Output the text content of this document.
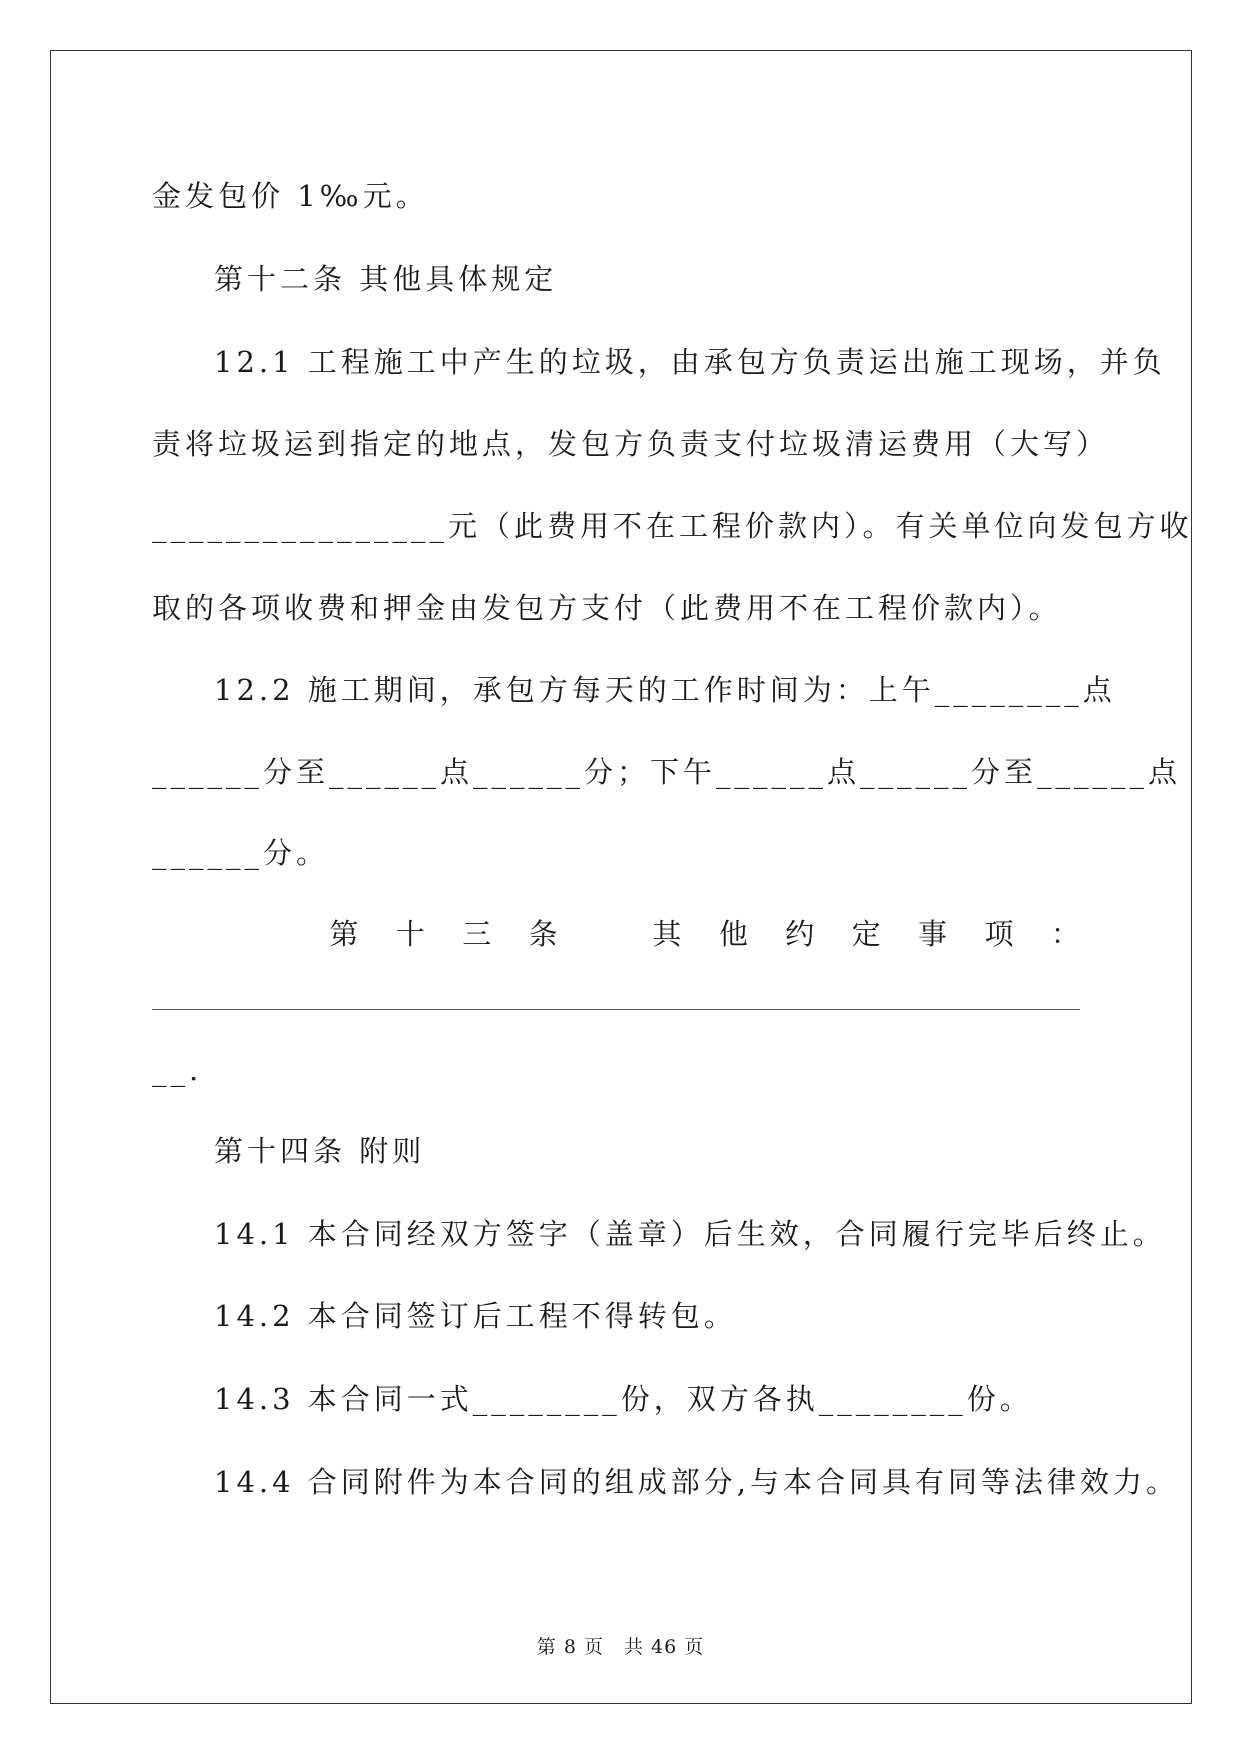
金发包价 1‰元。
第十二条 其他具体规定
12.1 工程施工中产生的垃圾，由承包方负责运出施工现场，并负
责将垃圾运到指定的地点，发包方负责支付垃圾清运费用（大写）
________________元（此费用不在工程价款内）。有关单位向发包方收
取的各项收费和押金由发包方支付（此费用不在工程价款内）。
12.2 施工期间，承包方每天的工作时间为：上午________点
______分至______点______分；下午______点______分至______点
______分。
第 十 三 条	其 他 约 定 事 项 ：
__.
第十四条 附则
14.1 本合同经双方签字（盖章）后生效，合同履行完毕后终止。
14.2 本合同签订后工程不得转包。
14.3 本合同一式________份，双方各执________份。
14.4 合同附件为本合同的组成部分,与本合同具有同等法律效力。
第 8 页　共 46 页
